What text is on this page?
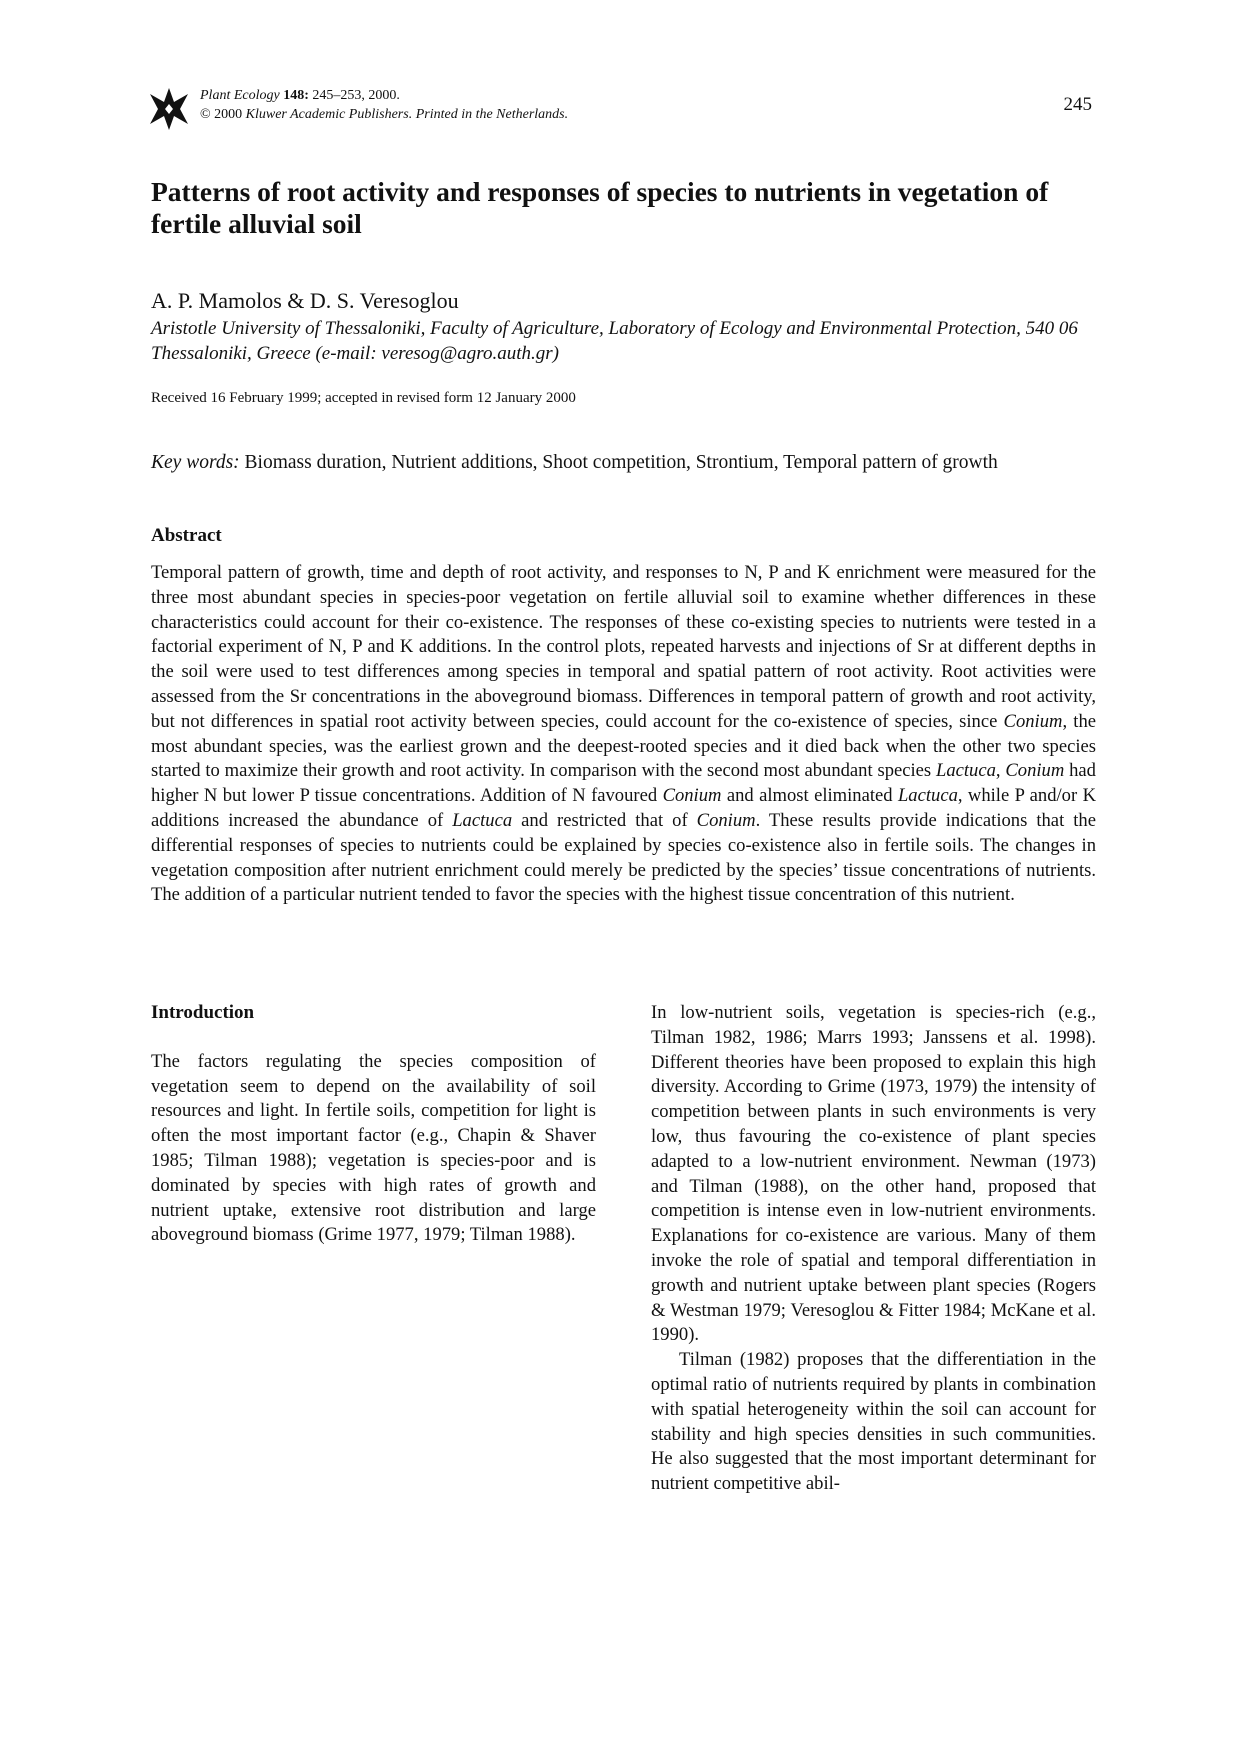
Plant Ecology 148: 245–253, 2000.
© 2000 Kluwer Academic Publishers. Printed in the Netherlands.	245
Patterns of root activity and responses of species to nutrients in vegetation of fertile alluvial soil
A. P. Mamolos & D. S. Veresoglou
Aristotle University of Thessaloniki, Faculty of Agriculture, Laboratory of Ecology and Environmental Protection, 540 06 Thessaloniki, Greece (e-mail: veresog@agro.auth.gr)
Received 16 February 1999; accepted in revised form 12 January 2000
Key words: Biomass duration, Nutrient additions, Shoot competition, Strontium, Temporal pattern of growth
Abstract

Temporal pattern of growth, time and depth of root activity, and responses to N, P and K enrichment were measured for the three most abundant species in species-poor vegetation on fertile alluvial soil to examine whether differences in these characteristics could account for their co-existence. The responses of these co-existing species to nutrients were tested in a factorial experiment of N, P and K additions. In the control plots, repeated harvests and injections of Sr at different depths in the soil were used to test differences among species in temporal and spatial pattern of root activity. Root activities were assessed from the Sr concentrations in the aboveground biomass. Differences in temporal pattern of growth and root activity, but not differences in spatial root activity between species, could account for the co-existence of species, since Conium, the most abundant species, was the earliest grown and the deepest-rooted species and it died back when the other two species started to maximize their growth and root activity. In comparison with the second most abundant species Lactuca, Conium had higher N but lower P tissue concentrations. Addition of N favoured Conium and almost eliminated Lactuca, while P and/or K additions increased the abundance of Lactuca and restricted that of Conium. These results provide indications that the differential responses of species to nutrients could be explained by species co-existence also in fertile soils. The changes in vegetation composition after nutrient enrichment could merely be predicted by the species’ tissue concentrations of nutrients. The addition of a particular nutrient tended to favor the species with the highest tissue concentration of this nutrient.

Introduction

The factors regulating the species composition of vegetation seem to depend on the availability of soil resources and light. In fertile soils, competition for light is often the most important factor (e.g., Chapin & Shaver 1985; Tilman 1988); vegetation is species-poor and is dominated by species with high rates of growth and nutrient uptake, extensive root distribution and large aboveground biomass (Grime 1977, 1979; Tilman 1988).

In low-nutrient soils, vegetation is species-rich (e.g., Tilman 1982, 1986; Marrs 1993; Janssens et al. 1998). Different theories have been proposed to explain this high diversity. According to Grime (1973, 1979) the intensity of competition between plants in such environments is very low, thus favouring the co-existence of plant species adapted to a low-nutrient environment. Newman (1973) and Tilman (1988), on the other hand, proposed that competition is intense even in low-nutrient environments. Explanations for co-existence are various. Many of them invoke the role of spatial and temporal differentiation in growth and nutrient uptake between plant species (Rogers & Westman 1979; Veresoglou & Fitter 1984; McKane et al. 1990).

Tilman (1982) proposes that the differentiation in the optimal ratio of nutrients required by plants in combination with spatial heterogeneity within the soil can account for stability and high species densities in such communities. He also suggested that the most important determinant for nutrient competitive abil-
